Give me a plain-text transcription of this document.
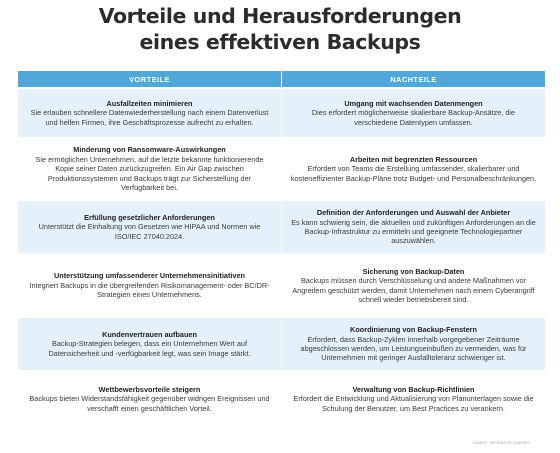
Vorteile und Herausforderungen
eines effektiven Backups
VORTEILE
Ausfallzeiten minimieren
Sie erlauben schnellere Datenwiederherstellung nach einem Datenverlust und helfen Firmen, ihre Geschäftsprozesse aufrecht zu erhalten.
Minderung von Ransomware-Auswirkungen
Sie ermöglichen Unternehmen, auf die letzte bekannte funktionierende Kopie seiner Daten zurückzugreifen. Ein Air Gap zwischen Produktionssystemen und Backups trägt zur Sicherstellung der Verfügbarkeit bei.
Erfüllung gesetzlicher Anforderungen
Unterstützt die Einhaltung von Gesetzen wie HIPAA und Normen wie ISO/IEC 27040:2024.
Unterstützung umfassenderer Unternehmensinitiativen
Integriert Backups in die übergreifenden Risikomanagement- oder BC/DR-Strategien eines Unternehmens.
Kundenvertrauen aufbauen
Backup-Strategien belegen, dass ein Unternehmen Wert auf Datensicherheit und -verfügbarkeit legt, was sein Image stärkt.
Wettbewerbsvorteile steigern
Backups bieten Widerstandsfähigkeit gegenüber widrigen Ereignissen und verschafft einen geschäftlichen Vorteil.
NACHTEILE
Umgang mit wachsenden Datenmengen
Dies erfordert möglicherweise skalierbare Backup-Ansätze, die verschiedene Datentypen umfassen.
Arbeiten mit begrenzten Ressourcen
Erfordert von Teams die Erstellung umfassender, skalierbarer und kosteneffizienter Backup-Pläne trotz Budget- und Personalbeschränkungen.
Definition der Anforderungen und Auswahl der Anbieter
Es kann schwierig sein, die aktuellen und zukünftigen Anforderungen an die Backup-Infrastruktur zu ermitteln und geeignete Technologiepartner auszuwählen.
Sicherung von Backup-Daten
Backups müssen durch Verschlüsselung und andere Maßnahmen vor Angreifern geschützt werden, damit Unternehmen nach einem Cyberangriff schnell wieder betriebsbereit sind.
Koordinierung von Backup-Fenstern
Erfordert, dass Backup-Zyklen innerhalb vorgegebener Zeiträume abgeschlossen werden, um Leistungseinbußen zu vermeiden, was für Unternehmen mit geringer Ausfalltoleranz schwieriger ist.
Verwaltung von Backup-Richtlinien
Erfordert die Entwicklung und Aktualisierung von Planunterlagen sowie die Schulung der Benutzer, um Best Practices zu verankern.
SOURCE: INFORMA TECHTARGET
